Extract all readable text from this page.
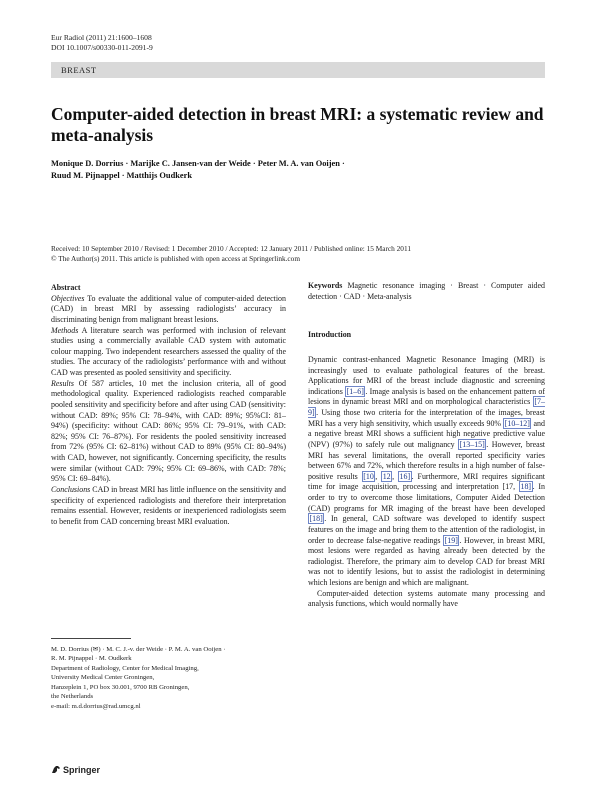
Eur Radiol (2011) 21:1600–1608
DOI 10.1007/s00330-011-2091-9
BREAST
Computer-aided detection in breast MRI: a systematic review and meta-analysis
Monique D. Dorrius · Marijke C. Jansen-van der Weide · Peter M. A. van Ooijen ·
Ruud M. Pijnappel · Matthijs Oudkerk
Received: 10 September 2010 / Revised: 1 December 2010 / Accepted: 12 January 2011 / Published online: 15 March 2011
© The Author(s) 2011. This article is published with open access at Springerlink.com

Abstract

Objectives To evaluate the additional value of computer-aided detection (CAD) in breast MRI by assessing radiologists’ accuracy in discriminating benign from malignant breast lesions.

Methods A literature search was performed with inclusion of relevant studies using a commercially available CAD system with automatic colour mapping. Two independent researchers assessed the quality of the studies. The accuracy of the radiologists’ performance with and without CAD was presented as pooled sensitivity and specificity.

Results Of 587 articles, 10 met the inclusion criteria, all of good methodological quality. Experienced radiologists reached comparable pooled sensitivity and specificity before and after using CAD (sensitivity: without CAD: 89%; 95% CI: 78–94%, with CAD: 89%; 95%CI: 81–94%) (specificity: without CAD: 86%; 95% CI: 79–91%, with CAD: 82%; 95% CI: 76–87%). For residents the pooled sensitivity increased from 72% (95% CI: 62–81%) without CAD to 89% (95% CI: 80–94%) with CAD, however, not significantly. Concerning specificity, the results were similar (without CAD: 79%; 95% CI: 69–86%, with CAD: 78%; 95% CI: 69–84%).

Conclusions CAD in breast MRI has little influence on the sensitivity and specificity of experienced radiologists and therefore their interpretation remains essential. However, residents or inexperienced radiologists seem to benefit from CAD concerning breast MRI evaluation.

M. D. Dorrius (✉) · M. C. J.-v. der Weide · P. M. A. van Ooijen ·
R. M. Pijnappel · M. Oudkerk
Department of Radiology, Center for Medical Imaging,
University Medical Center Groningen,
Hanzeplein 1, PO box 30.001, 9700 RB Groningen,
the Netherlands
e-mail: m.d.dorrius@rad.umcg.nl

Keywords Magnetic resonance imaging · Breast · Computer aided detection · CAD · Meta-analysis

Introduction

Dynamic contrast-enhanced Magnetic Resonance Imaging (MRI) is increasingly used to evaluate pathological features of the breast. Applications for MRI of the breast include diagnostic and screening indications [1–6] . Image analysis is based on the enhancement pattern of lesions in dynamic breast MRI and on morphological characteristics [7–9] . Using those two criteria for the interpretation of the images, breast MRI has a very high sensitivity, which usually exceeds 90% [10–12] and a negative breast MRI shows a sufficient high negative predictive value (NPV) (97%) to safely rule out malignancy [13–15] . However, breast MRI has several limitations, the overall reported specificity varies between 67% and 72%, which therefore results in a high number of false-positive results [10 , 12 , 16] . Furthermore, MRI requires significant time for image acquisition, processing and interpretation [17, 18] . In order to try to overcome those limitations, Computer Aided Detection (CAD) programs for MR imaging of the breast have been developed [18] . In general, CAD software was developed to identify suspect features on the image and bring them to the attention of the radiologist, in order to decrease false-negative readings [19] . However, in breast MRI, most lesions were regarded as having already been detected by the radiologist. Therefore, the primary aim to develop CAD for breast MRI was not to identify lesions, but to assist the radiologist in determining which lesions are benign and which are malignant.

Computer-aided detection systems automate many processing and analysis functions, which would normally have

Springer
